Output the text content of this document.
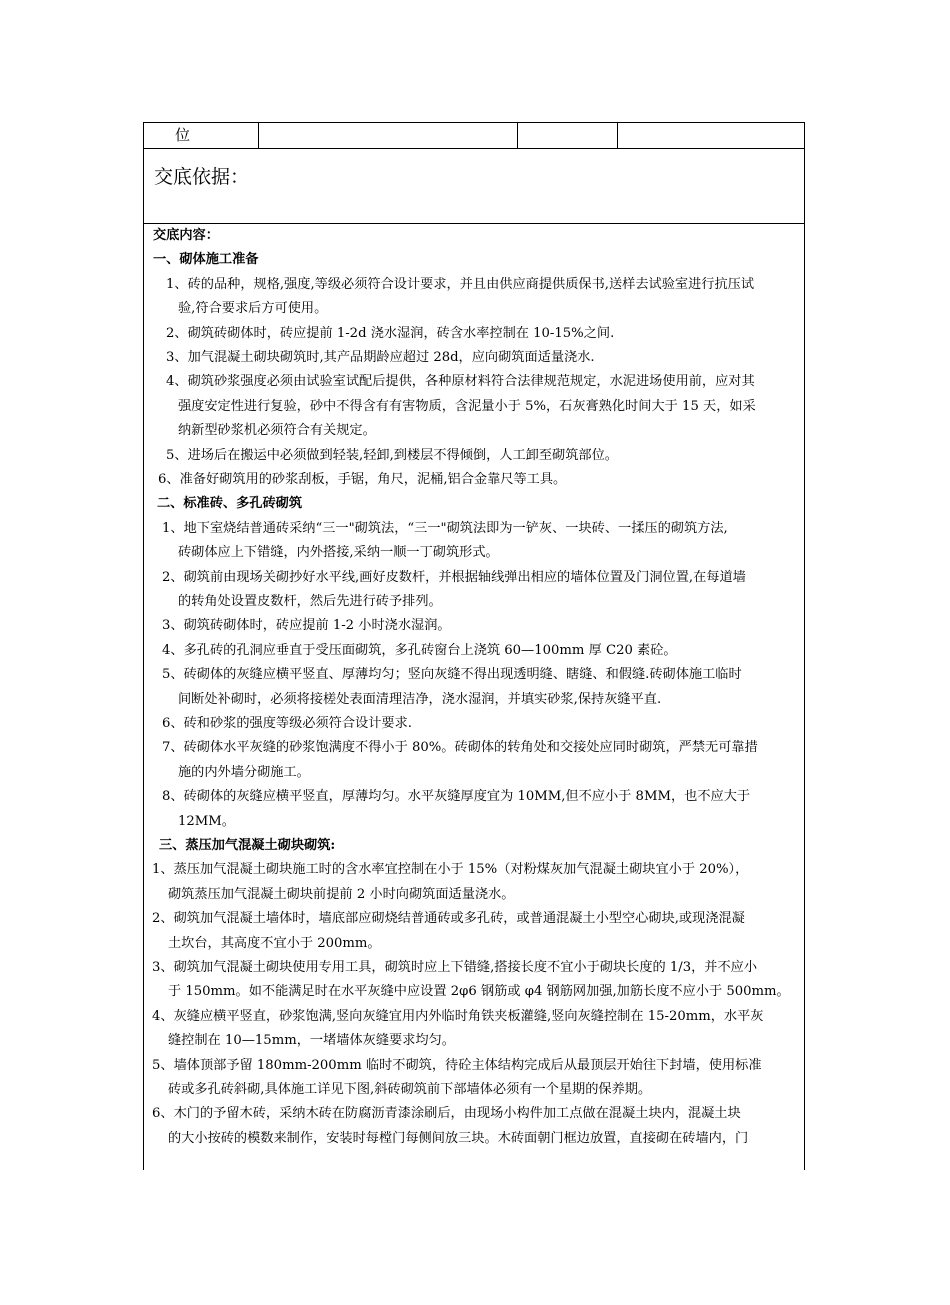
位
交底依据：
交底内容：
一、砌体施工准备
1、砖的品种，规格,强度,等级必须符合设计要求，并且由供应商提供质保书,送样去试验室进行抗压试
验,符合要求后方可使用。
2、砌筑砖砌体时，砖应提前 1-2d 浇水湿润，砖含水率控制在 10-15%之间.
3、加气混凝土砌块砌筑时,其产品期龄应超过 28d，应向砌筑面适量浇水.
4、砌筑砂浆强度必须由试验室试配后提供，各种原材料符合法律规范规定，水泥进场使用前，应对其
强度安定性进行复验，砂中不得含有有害物质，含泥量小于 5%，石灰膏熟化时间大于 15 天，如采
纳新型砂浆机必须符合有关规定。
5、进场后在搬运中必须做到轻装,轻卸,到楼层不得倾倒，人工卸至砌筑部位。
6、准备好砌筑用的砂浆刮板，手锯，角尺，泥桶,铝合金靠尺等工具。
二、标准砖、多孔砖砌筑
1、地下室烧结普通砖采纳“三一"砌筑法，“三一"砌筑法即为一铲灰、一块砖、一揉压的砌筑方法,
砖砌体应上下错缝，内外搭接,采纳一顺一丁砌筑形式。
2、砌筑前由现场关砌抄好水平线,画好皮数杆，并根据轴线弹出相应的墙体位置及门洞位置,在每道墙
的转角处设置皮数杆，然后先进行砖予排列。
3、砌筑砖砌体时，砖应提前 1-2 小时浇水湿润。
4、多孔砖的孔洞应垂直于受压面砌筑，多孔砖窗台上浇筑 60—100mm 厚 C20 素砼。
5、砖砌体的灰缝应横平竖直、厚薄均匀；竖向灰缝不得出现透明缝、瞎缝、和假缝.砖砌体施工临时
间断处补砌时，必须将接槎处表面清理洁净，浇水湿润，并填实砂浆,保持灰缝平直.
6、砖和砂浆的强度等级必须符合设计要求.
7、砖砌体水平灰缝的砂浆饱满度不得小于 80%。砖砌体的转角处和交接处应同时砌筑，严禁无可靠措
施的内外墙分砌施工。
8、砖砌体的灰缝应横平竖直，厚薄均匀。水平灰缝厚度宜为 10MM,但不应小于 8MM，也不应大于
12MM。
三、蒸压加气混凝土砌块砌筑:
1、蒸压加气混凝土砌块施工时的含水率宜控制在小于 15%（对粉煤灰加气混凝土砌块宜小于 20%），
砌筑蒸压加气混凝土砌块前提前 2 小时向砌筑面适量浇水。
2、砌筑加气混凝土墙体时，墙底部应砌烧结普通砖或多孔砖，或普通混凝土小型空心砌块,或现浇混凝
土坎台，其高度不宜小于 200mm。
3、砌筑加气混凝土砌块使用专用工具，砌筑时应上下错缝,搭接长度不宜小于砌块长度的 1/3，并不应小
于 150mm。如不能满足时在水平灰缝中应设置 2φ6 钢筋或 φ4 钢筋网加强,加筋长度不应小于 500mm。
4、灰缝应横平竖直，砂浆饱满,竖向灰缝宜用内外临时角铁夹板灌缝,竖向灰缝控制在 15-20mm，水平灰
缝控制在 10—15mm，一堵墙体灰缝要求均匀。
5、墙体顶部予留 180mm-200mm 临时不砌筑，待砼主体结构完成后从最顶层开始往下封墙，使用标准
砖或多孔砖斜砌,具体施工详见下图,斜砖砌筑前下部墙体必须有一个星期的保养期。
6、木门的予留木砖，采纳木砖在防腐沥青漆涂刷后，由现场小构件加工点做在混凝土块内，混凝土块
的大小按砖的模数来制作，安装时每樘门每侧间放三块。木砖面朝门框边放置，直接砌在砖墙内，门
